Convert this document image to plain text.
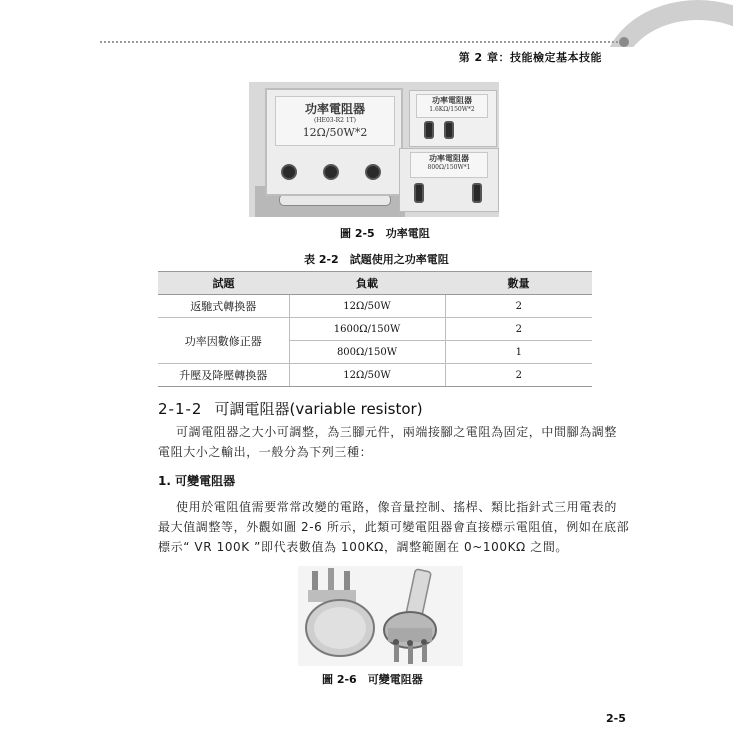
第 2 章：技能檢定基本技能
功率電阻器
(HE03-R2 1T)
12Ω/50W*2
功率電阻器
1.6KΩ/150W*2
功率電阻器
800Ω/150W*1
圖 2-5　功率電阻
表 2-2　試題使用之功率電阻
試題	負載	數量
返馳式轉換器	12Ω/50W	2
功率因數修正器	1600Ω/150W	2
	800Ω/150W	1
升壓及降壓轉換器	12Ω/50W	2
2-1-2 可調電阻器(variable resistor)
可調電阻器之大小可調整，為三腳元件，兩端接腳之電阻為固定，中間腳為調整
電阻大小之輸出，一般分為下列三種：
1. 可變電阻器
使用於電阻值需要常常改變的電路，像音量控制、搖桿、類比指針式三用電表的
最大值調整等，外觀如圖 2-6 所示，此類可變電阻器會直接標示電阻值，例如在底部
標示“ VR 100K ”即代表數值為 100KΩ，調整範圍在 0~100KΩ 之間。
圖 2-6　可變電阻器
2-5
